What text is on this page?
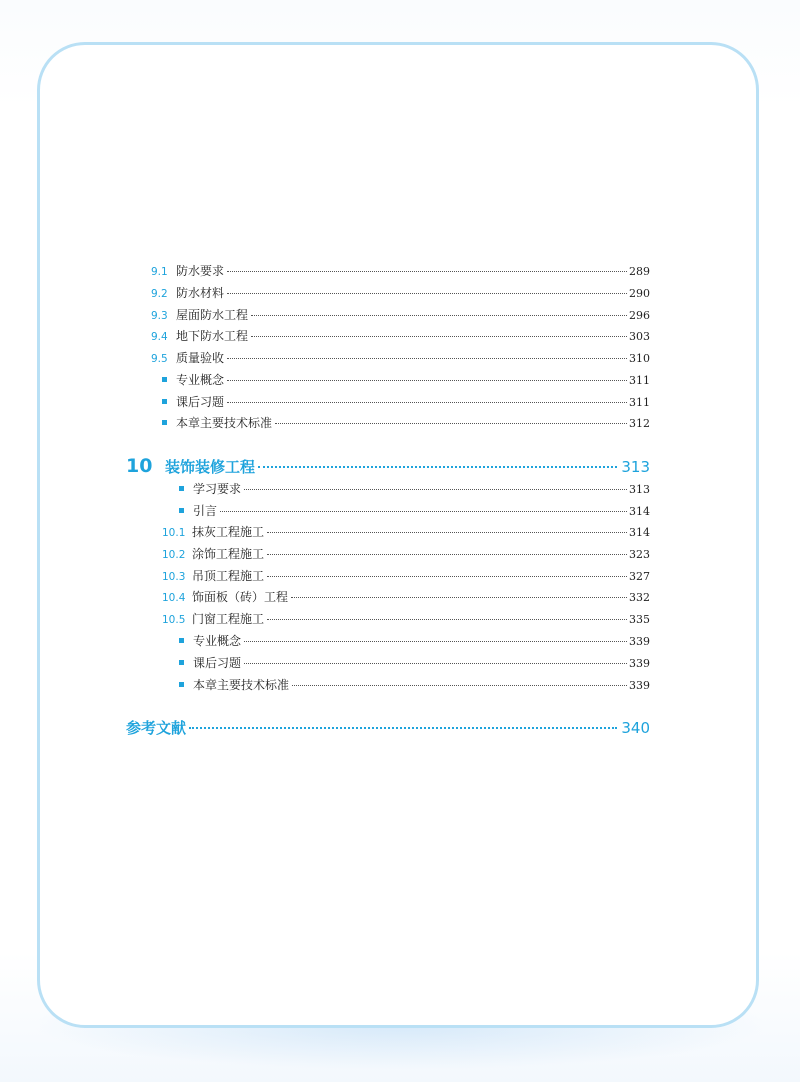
9.1 防水要求	289
9.2 防水材料	290
9.3 屋面防水工程	296
9.4 地下防水工程	303
9.5 质量验收	310
专业概念	311
课后习题	311
本章主要技术标准	312
10 装饰装修工程	313
学习要求	313
引言	314
10.1 抹灰工程施工	314
10.2 涂饰工程施工	323
10.3 吊顶工程施工	327
10.4 饰面板（砖）工程	332
10.5 门窗工程施工	335
专业概念	339
课后习题	339
本章主要技术标准	339
参考文献	340
